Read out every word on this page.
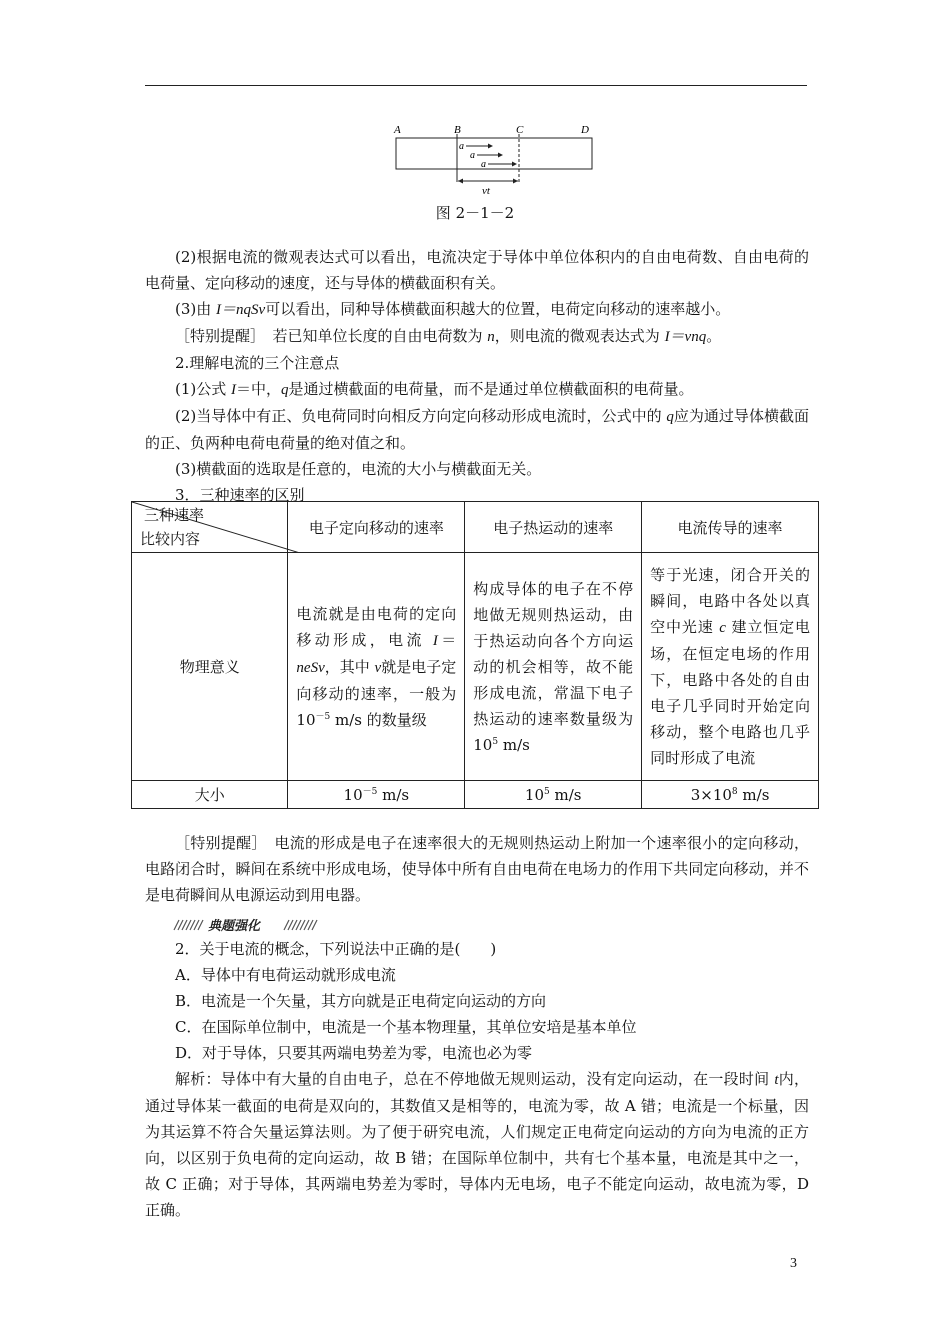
A	B	C	D
a
a
a
vt
图 2－1－2

(2)根据电流的微观表达式可以看出，电流决定于导体中单位体积内的自由电荷数、自由电荷的电荷量、定向移动的速度，还与导体的横截面积有关。

(3)由 I＝nqSv可以看出，同种导体横截面积越大的位置，电荷定向移动的速率越小。

［特别提醒］　若已知单位长度的自由电荷数为 n，则电流的微观表达式为 I＝vnq。

2.理解电流的三个注意点

(1)公式 I＝中，q是通过横截面的电荷量，而不是通过单位横截面积的电荷量。

(2)当导体中有正、负电荷同时向相反方向定向移动形成电流时，公式中的 q应为通过导体横截面的正、负两种电荷电荷量的绝对值之和。

(3)横截面的选取是任意的，电流的大小与横截面无关。

3．三种速率的区别

三种速率
比较内容	电子定向移动的速率	电子热运动的速率	电流传导的速率
物理意义	电流就是由电荷的定向移动形成，电流 I＝neSv，其中 v就是电子定向移动的速率，一般为 $10^{-5}$ m/s 的数量级	构成导体的电子在不停地做无规则热运动，由于热运动向各个方向运动的机会相等，故不能形成电流，常温下电子热运动的速率数量级为 $10^5$ m/s	等于光速，闭合开关的瞬间，电路中各处以真空中光速 c 建立恒定电场，在恒定电场的作用下，电路中各处的自由电子几乎同时开始定向移动，整个电路也几乎同时形成了电流
大小	$10^{-5}$ m/s	$10^5$ m/s	$3\times 10^8$ m/s

［特别提醒］　电流的形成是电子在速率很大的无规则热运动上附加一个速率很小的定向移动，电路闭合时，瞬间在系统中形成电场，使导体中所有自由电荷在电场力的作用下共同定向移动，并不是电荷瞬间从电源运动到用电器。

典题强化

2．关于电流的概念，下列说法中正确的是(　　)

A．导体中有电荷运动就形成电流

B．电流是一个矢量，其方向就是正电荷定向运动的方向

C．在国际单位制中，电流是一个基本物理量，其单位安培是基本单位

D．对于导体，只要其两端电势差为零，电流也必为零

解析：导体中有大量的自由电子，总在不停地做无规则运动，没有定向运动，在一段时间 t内，通过导体某一截面的电荷是双向的，其数值又是相等的，电流为零，故 A 错；电流是一个标量，因为其运算不符合矢量运算法则。为了便于研究电流，人们规定正电荷定向运动的方向为电流的正方向，以区别于负电荷的定向运动，故 B 错；在国际单位制中，共有七个基本量，电流是其中之一，故 C 正确；对于导体，其两端电势差为零时，导体内无电场，电子不能定向运动，故电流为零，D 正确。

3
